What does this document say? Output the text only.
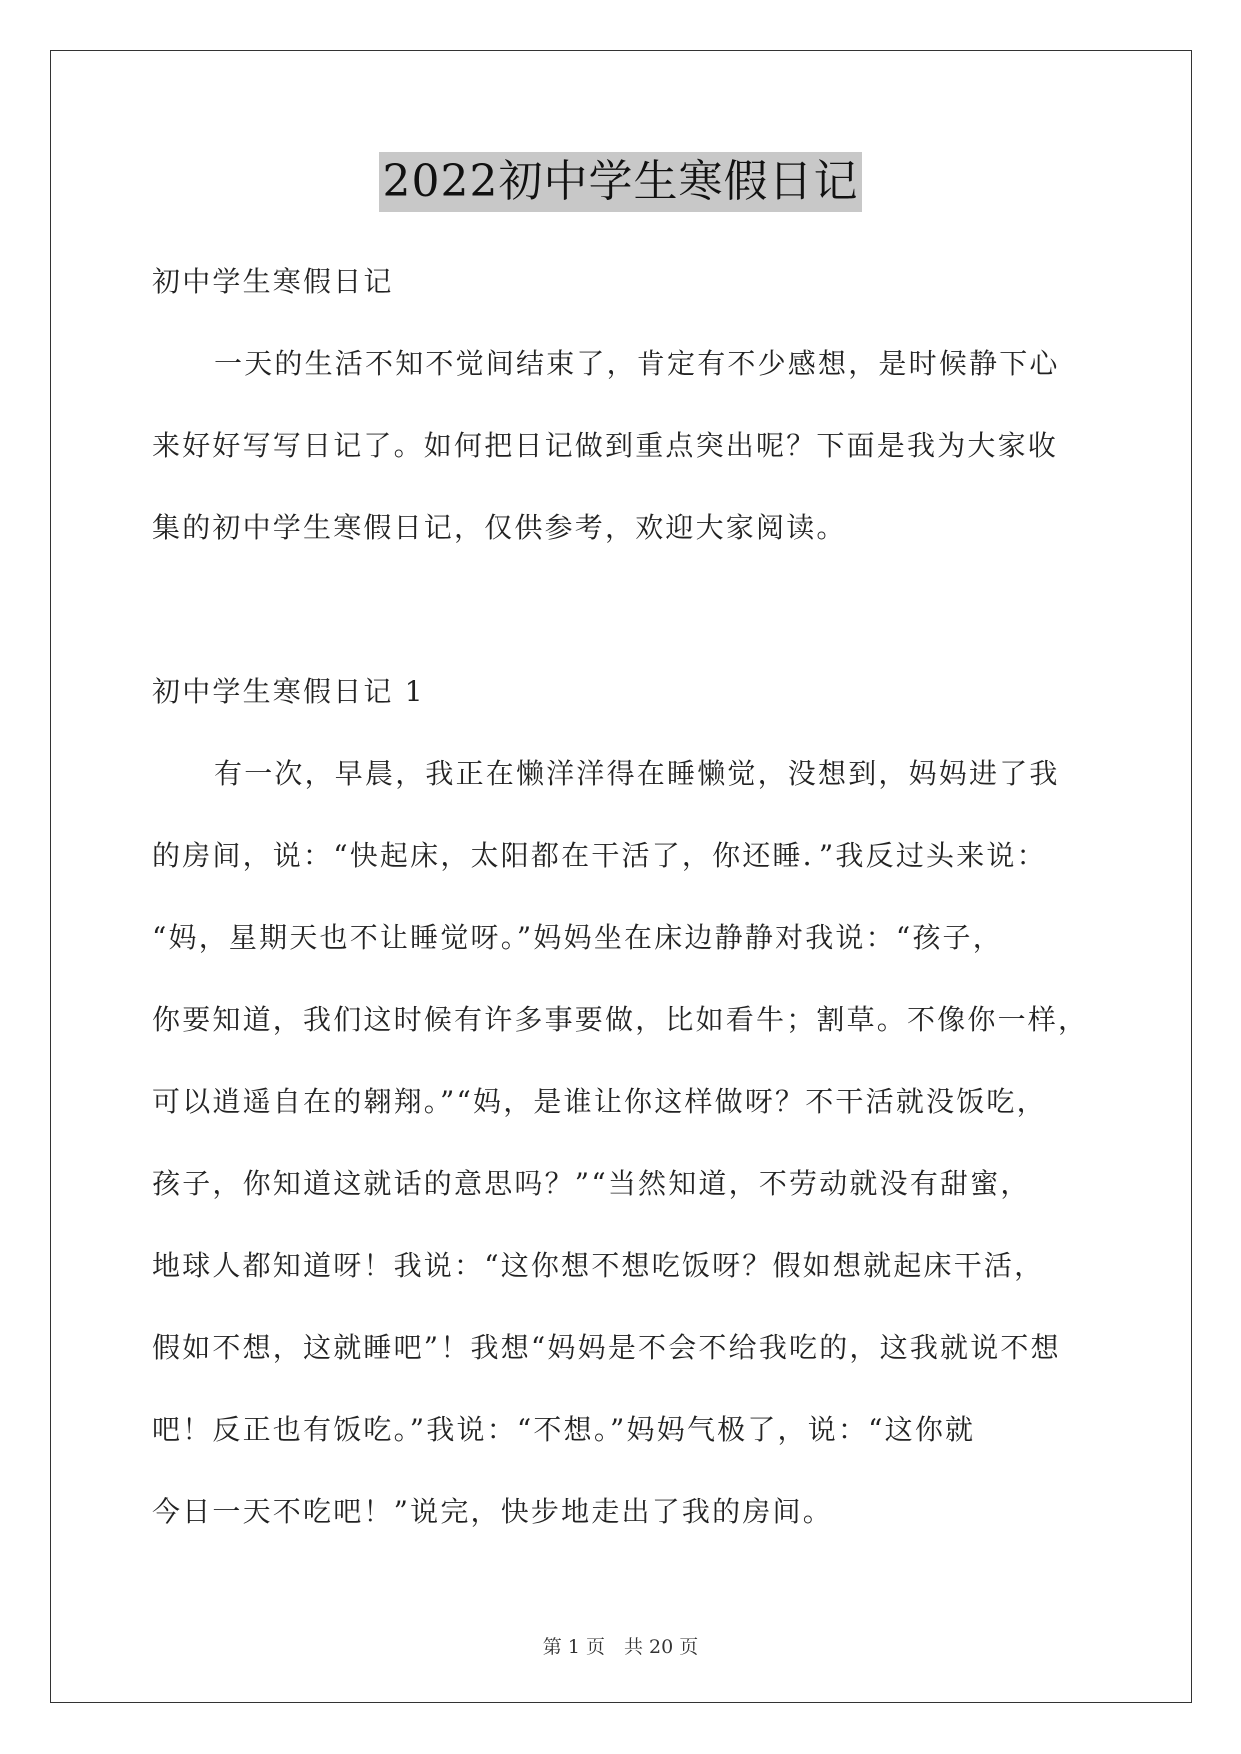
2022初中学生寒假日记
初中学生寒假日记
一天的生活不知不觉间结束了，肯定有不少感想，是时候静下心
来好好写写日记了。如何把日记做到重点突出呢？下面是我为大家收
集的初中学生寒假日记，仅供参考，欢迎大家阅读。
初中学生寒假日记 1
有一次，早晨，我正在懒洋洋得在睡懒觉，没想到，妈妈进了我
的房间，说：“快起床，太阳都在干活了，你还睡．”我反过头来说：
“妈，星期天也不让睡觉呀。”妈妈坐在床边静静对我说：“孩子，
你要知道，我们这时候有许多事要做，比如看牛；割草。不像你一样，
可以逍遥自在的翱翔。”“妈，是谁让你这样做呀？不干活就没饭吃，
孩子，你知道这就话的意思吗？”“当然知道，不劳动就没有甜蜜，
地球人都知道呀！我说：“这你想不想吃饭呀？假如想就起床干活，
假如不想，这就睡吧”！我想“妈妈是不会不给我吃的，这我就说不想
吧！反正也有饭吃。”我说：“不想。”妈妈气极了，说：“这你就
今日一天不吃吧！”说完，快步地走出了我的房间。
第 1 页　共 20 页
